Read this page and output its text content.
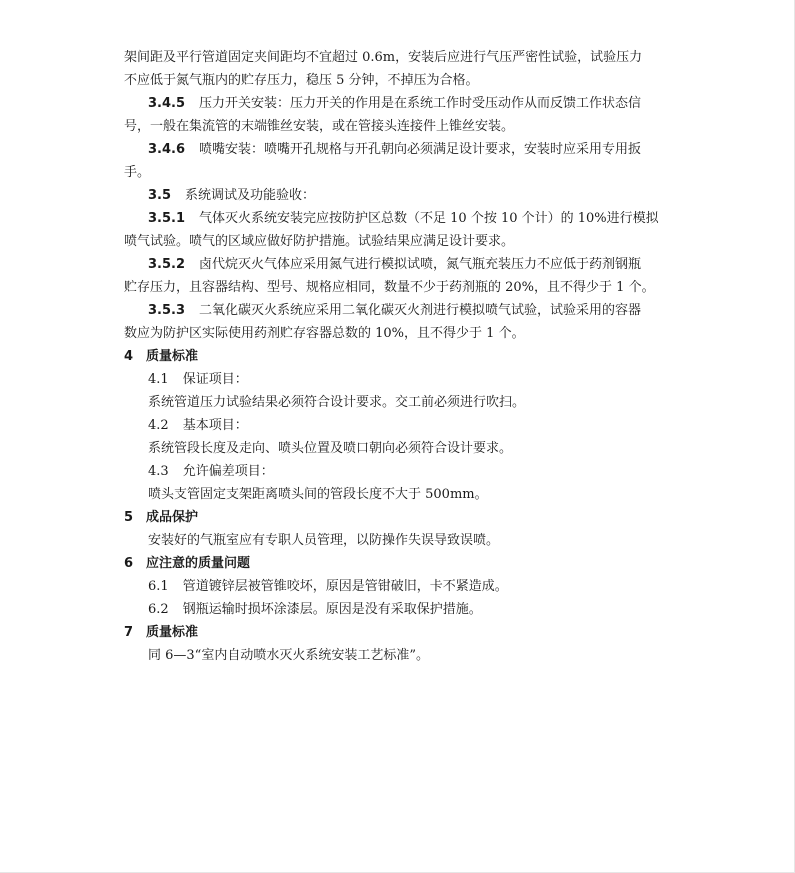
架间距及平行管道固定夹间距均不宜超过 0.6m，安装后应进行气压严密性试验，试验压力
不应低于氮气瓶内的贮存压力，稳压 5 分钟，不掉压为合格。
3.4.5 压力开关安装：压力开关的作用是在系统工作时受压动作从而反馈工作状态信
号，一般在集流管的末端锥丝安装，或在管接头连接件上锥丝安装。
3.4.6 喷嘴安装：喷嘴开孔规格与开孔朝向必须满足设计要求，安装时应采用专用扳
手。
3.5 系统调试及功能验收：
3.5.1 气体灭火系统安装完应按防护区总数（不足 10 个按 10 个计）的 10%进行模拟
喷气试验。喷气的区域应做好防护措施。试验结果应满足设计要求。
3.5.2 卤代烷灭火气体应采用氮气进行模拟试喷，氮气瓶充装压力不应低于药剂钢瓶
贮存压力，且容器结构、型号、规格应相同，数量不少于药剂瓶的 20%，且不得少于 1 个。
3.5.3 二氧化碳灭火系统应采用二氧化碳灭火剂进行模拟喷气试验，试验采用的容器
数应为防护区实际使用药剂贮存容器总数的 10%，且不得少于 1 个。
4 质量标准
4.1 保证项目：
系统管道压力试验结果必须符合设计要求。交工前必须进行吹扫。
4.2 基本项目：
系统管段长度及走向、喷头位置及喷口朝向必须符合设计要求。
4.3 允许偏差项目：
喷头支管固定支架距离喷头间的管段长度不大于 500mm。
5 成品保护
安装好的气瓶室应有专职人员管理，以防操作失误导致误喷。
6 应注意的质量问题
6.1 管道镀锌层被管锥咬坏，原因是管钳破旧，卡不紧造成。
6.2 钢瓶运输时损坏涂漆层。原因是没有采取保护措施。
7 质量标准
同 6—3“室内自动喷水灭火系统安装工艺标准”。
